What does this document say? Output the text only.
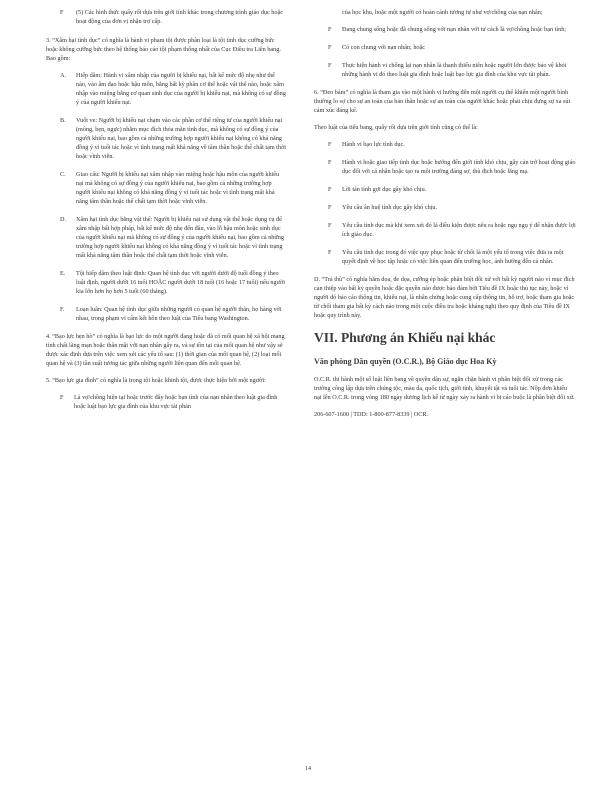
F (5) Các hình thức quấy rối dựa trên giới tính khác trong chương trình giáo dục hoặc hoạt động của đơn vị nhận trợ cấp.

3. “Xâm hại tình dục” có nghĩa là hành vi phạm tội được phân loại là tội tình dục cưỡng bức hoặc không cưỡng bức theo hệ thống báo cáo tội phạm thống nhất của Cục Điều tra Liên bang. Bao gồm:

A. Hiếp dâm: Hành vi xâm nhập của người bị khiếu nại, bất kể mức độ nhẹ như thế nào, vào âm đạo hoặc hậu môn, bằng bất kỳ phần cơ thể hoặc vật thể nào, hoặc xâm nhập vào miệng bằng cơ quan sinh dục của người bị khiếu nại, mà không có sự đồng ý của người khiếu nại.
B. Vuốt ve: Người bị khiếu nại chạm vào các phần cơ thể riêng tư của người khiếu nại (mông, bẹn, ngực) nhằm mục đích thỏa mãn tình dục, mà không có sự đồng ý của người khiếu nại, bao gồm cả những trường hợp người khiếu nại không có khả năng đồng ý vì tuổi tác hoặc vì tình trạng mất khả năng về tâm thần hoặc thể chất tạm thời hoặc vĩnh viễn.
C. Giao cấu: Người bị khiếu nại xâm nhập vào miệng hoặc hậu môn của người khiếu nại mà không có sự đồng ý của người khiếu nại, bao gồm cả những trường hợp người khiếu nại không có khả năng đồng ý vì tuổi tác hoặc vì tình trạng mất khả năng tâm thần hoặc thể chất tạm thời hoặc vĩnh viễn.
D. Xâm hại tình dục bằng vật thể: Người bị khiếu nại sử dụng vật thể hoặc dụng cụ để xâm nhập bất hợp pháp, bất kể mức độ nhẹ đến đâu, vào lỗ hậu môn hoặc sinh dục của người khiếu nại mà không có sự đồng ý của người khiếu nại, bao gồm cả những trường hợp người khiếu nại không có khả năng đồng ý vì tuổi tác hoặc vì tình trạng mất khả năng tâm thần hoặc thể chất tạm thời hoặc vĩnh viễn.
E. Tội hiếp dâm theo luật định: Quan hệ tình dục với người dưới độ tuổi đồng ý theo luật định, người dưới 16 tuổi HOẶC người dưới 18 tuổi (16 hoặc 17 tuổi) nếu người kia lớn hơn họ hơn 5 tuổi (60 tháng).
F. Loạn luân: Quan hệ tình dục giữa những người có quan hệ người thân, họ hàng với nhau, trong phạm vi cấm kết hôn theo luật của Tiểu bang Washington.

4. “Bạo lực hẹn hò” có nghĩa là bạo lực do một người đang hoặc đã có mối quan hệ xã hội mang tính chất lãng mạn hoặc thân mật với nạn nhân gây ra, và sự tồn tại của mối quan hệ như vậy sẽ được xác định dựa trên việc xem xét các yếu tố sau: (1) thời gian của mối quan hệ, (2) loại mối quan hệ và (3) tần suất tương tác giữa những người liên quan đến mối quan hệ.

5. “Bạo lực gia đình” có nghĩa là trọng tội hoặc khinh tội, được thực hiện bởi một người:

F Là vợ/chồng hiện tại hoặc trước đây hoặc bạn tình của nạn nhân theo luật gia đình hoặc luật bạo lực gia đình của khu vực tài phán

của học khu, hoặc một người có hoàn cảnh tương tự như vợ/chồng của nạn nhân;

F Đang chung sống hoặc đã chung sống với nạn nhân với tư cách là vợ/chồng hoặc bạn tình;
F Có con chung với nạn nhân; hoặc
F Thực hiện hành vi chống lại nạn nhân là thanh thiếu niên hoặc người lớn được bảo vệ khỏi những hành vi đó theo luật gia đình hoặc luật bạo lực gia đình của khu vực tài phán.

6. “Đeo bám” có nghĩa là tham gia vào một hành vi hướng đến một người cụ thể khiến một người bình thường lo sợ cho sự an toàn của bản thân hoặc sự an toàn của người khác hoặc phải chịu đựng sự xa sút cảm xúc đáng kể.

Theo luật của tiểu bang, quấy rối dựa trên giới tính cũng có thể là:

F Hành vi bạo lực tình dục.
F Hành vi hoặc giao tiếp tình dục hoặc hướng đến giới tính khó chịu, gây cản trở hoạt động giáo dục đối với cá nhân hoặc tạo ra môi trường đáng sợ, thù địch hoặc lăng mạ.
F Lời tán tỉnh gợi dục gây khó chịu.
F Yêu cầu ân huệ tình dục gây khó chịu.
F Yêu cầu tình dục mà khi xem xét đó là điều kiện được nêu ra hoặc ngụ ngụ ý để nhận được lợi ích giáo dục.
F Yêu cầu tình dục trong đó việc quy phục hoặc từ chối là một yếu tố trong việc đưa ra một quyết định về học tập hoặc có việc liên quan đến trường học, ảnh hưởng đến cá nhân.

D. “Trả thù” có nghĩa hăm dọa, đe dọa, cưỡng ép hoặc phân biệt đối xử với bất kỳ người nào vì mục đích can thiệp vào bất kỳ quyền hoặc đặc quyền nào được bảo đảm bởi Tiêu đề IX hoặc thủ tục này, hoặc vì người đó báo cáo thông tin, khiếu nại, là nhân chứng hoặc cung cấp thông tin, hỗ trợ, hoặc tham gia hoặc từ chối tham gia bất kỳ cách nào trong một cuộc điều tra hoặc kháng nghị theo quy định của Tiêu đề IX hoặc quy trình này.

VII. Phương án Khiếu nại khác
Văn phòng Dân quyền (O.C.R.), Bộ Giáo dục Hoa Kỳ

O.C.R. thi hành một số luật liên bang về quyền dân sự, ngăn chặn hành vi phân biệt đối xử trong các trường công lập dựa trên chủng tộc, màu da, quốc tịch, giới tính, khuyết tật và tuổi tác. Nộp đơn khiếu nại lên O.C.R. trong vòng 180 ngày dương lịch kể từ ngày xảy ra hành vi bị cáo buộc là phân biệt đối xử.

206-607-1600 | TDD: 1-800-877-8339 | OCR.

14
